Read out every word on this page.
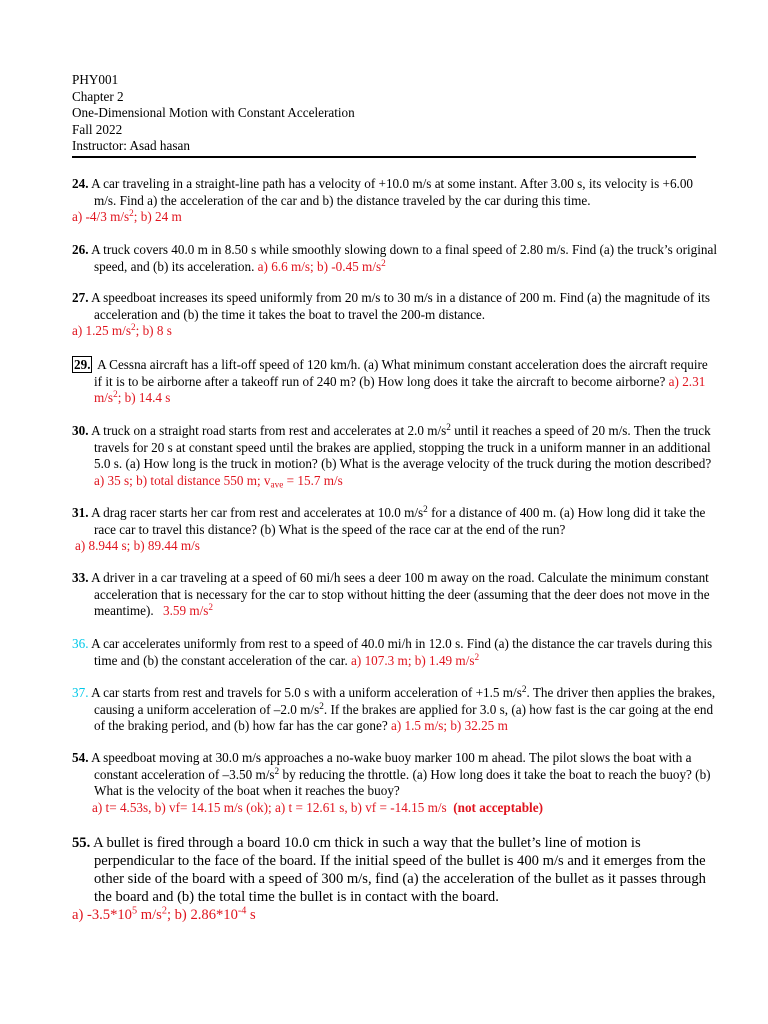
PHY001
Chapter 2
One-Dimensional Motion with Constant Acceleration
Fall 2022
Instructor: Asad hasan
24. A car traveling in a straight-line path has a velocity of +10.0 m/s at some instant. After 3.00 s, its velocity is +6.00 m/s. Find a) the acceleration of the car and b) the distance traveled by the car during this time.
a) -4/3 $m/s^2$; b) 24 m
26. A truck covers 40.0 m in 8.50 s while smoothly slowing down to a final speed of 2.80 m/s. Find (a) the truck’s original speed, and (b) its acceleration. a) 6.6 m/s; b) -0.45 $m/s^2$
27. A speedboat increases its speed uniformly from 20 m/s to 30 m/s in a distance of 200 m. Find (a) the magnitude of its acceleration and (b) the time it takes the boat to travel the 200-m distance.
a) 1.25 $m/s^2$; b) 8 s
29. A Cessna aircraft has a lift-off speed of 120 km/h. (a) What minimum constant acceleration does the aircraft require if it is to be airborne after a takeoff run of 240 m? (b) How long does it take the aircraft to become airborne? a) 2.31 $m/s^2$; b) 14.4 s
30. A truck on a straight road starts from rest and accelerates at 2.0 $m/s^2$ until it reaches a speed of 20 m/s. Then the truck travels for 20 s at constant speed until the brakes are applied, stopping the truck in a uniform manner in an additional 5.0 s. (a) How long is the truck in motion? (b) What is the average velocity of the truck during the motion described? a) 35 s; b) total distance 550 m; $v_{ave} = 15.7$ m/s
31. A drag racer starts her car from rest and accelerates at 10.0 $m/s^2$ for a distance of 400 m. (a) How long did it take the race car to travel this distance? (b) What is the speed of the race car at the end of the run?
a) 8.944 s; b) 89.44 m/s
33. A driver in a car traveling at a speed of 60 mi/h sees a deer 100 m away on the road. Calculate the minimum constant acceleration that is necessary for the car to stop without hitting the deer (assuming that the deer does not move in the meantime). 3.59 $m/s^2$
36. A car accelerates uniformly from rest to a speed of 40.0 mi/h in 12.0 s. Find (a) the distance the car travels during this time and (b) the constant acceleration of the car. a) 107.3 m; b) 1.49 $m/s^2$
37. A car starts from rest and travels for 5.0 s with a uniform acceleration of +1.5 $m/s^2$. The driver then applies the brakes, causing a uniform acceleration of –2.0 $m/s^2$. If the brakes are applied for 3.0 s, (a) how fast is the car going at the end of the braking period, and (b) how far has the car gone? a) 1.5 m/s; b) 32.25 m
54. A speedboat moving at 30.0 m/s approaches a no-wake buoy marker 100 m ahead. The pilot slows the boat with a constant acceleration of –3.50 $m/s^2$ by reducing the throttle. (a) How long does it take the boat to reach the buoy? (b) What is the velocity of the boat when it reaches the buoy?
a) t= 4.53s, b) vf= 14.15 m/s (ok); a) t = 12.61 s, b) vf = -14.15 m/s (not acceptable)
55. A bullet is fired through a board 10.0 cm thick in such a way that the bullet’s line of motion is perpendicular to the face of the board. If the initial speed of the bullet is 400 m/s and it emerges from the other side of the board with a speed of 300 m/s, find (a) the acceleration of the bullet as it passes through the board and (b) the total time the bullet is in contact with the board.
a) $-3.5*10^5$ $m/s^2$; b) $2.86*10^{-4}$ s
